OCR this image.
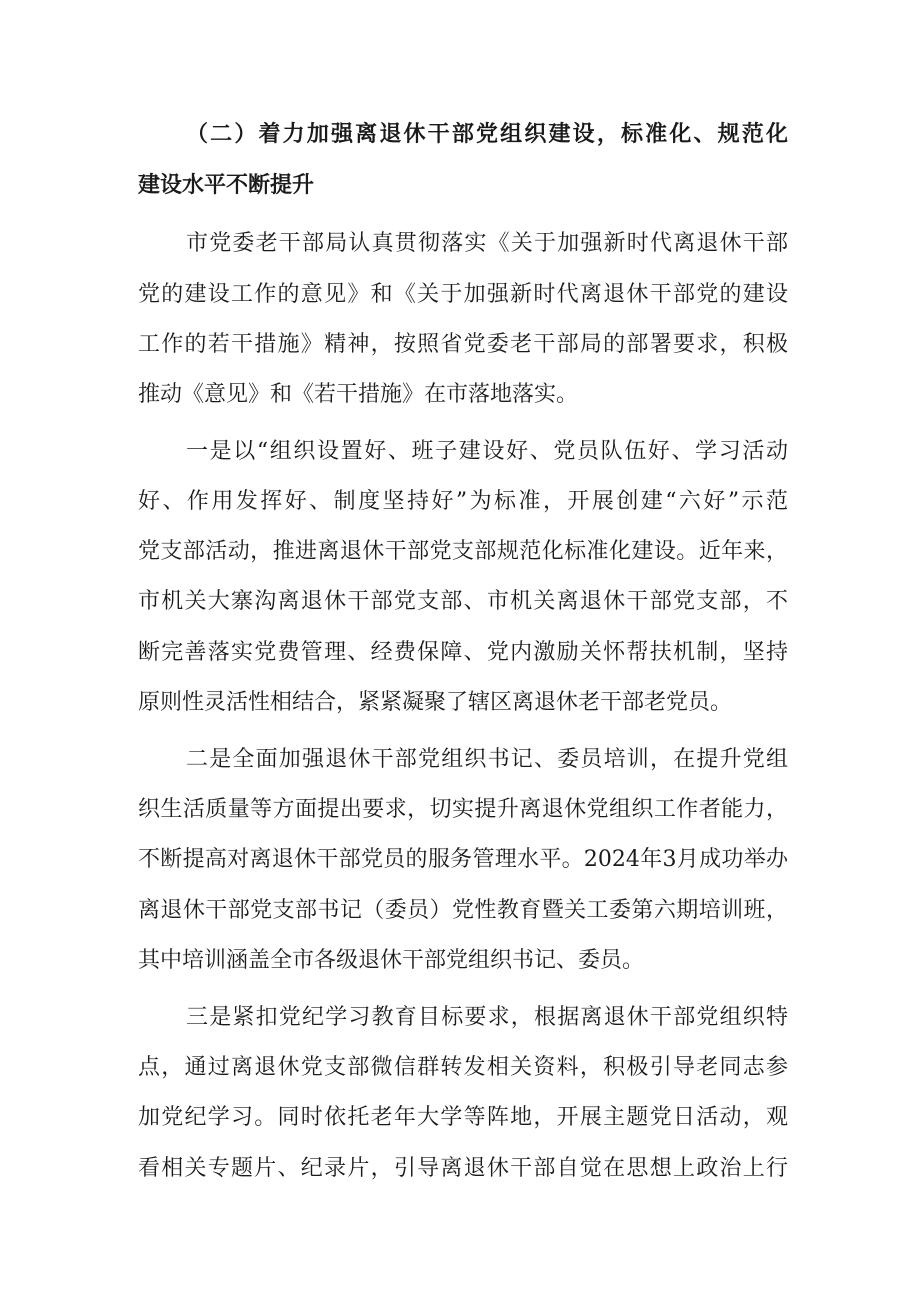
（二）着力加强离退休干部党组织建设，标准化、规范化
建设水平不断提升
市党委老干部局认真贯彻落实《关于加强新时代离退休干部
党的建设工作的意见》和《关于加强新时代离退休干部党的建设
工作的若干措施》精神，按照省党委老干部局的部署要求，积极
推动《意见》和《若干措施》在市落地落实。
一是以“组织设置好、班子建设好、党员队伍好、学习活动
好、作用发挥好、制度坚持好”为标准，开展创建“六好”示范
党支部活动，推进离退休干部党支部规范化标准化建设。近年来，
市机关大寨沟离退休干部党支部、市机关离退休干部党支部，不
断完善落实党费管理、经费保障、党内激励关怀帮扶机制，坚持
原则性灵活性相结合，紧紧凝聚了辖区离退休老干部老党员。
二是全面加强退休干部党组织书记、委员培训，在提升党组
织生活质量等方面提出要求，切实提升离退休党组织工作者能力，
不断提高对离退休干部党员的服务管理水平。2024年3月成功举办
离退休干部党支部书记（委员）党性教育暨关工委第六期培训班，
其中培训涵盖全市各级退休干部党组织书记、委员。
三是紧扣党纪学习教育目标要求，根据离退休干部党组织特
点，通过离退休党支部微信群转发相关资料，积极引导老同志参
加党纪学习。同时依托老年大学等阵地，开展主题党日活动，观
看相关专题片、纪录片，引导离退休干部自觉在思想上政治上行
